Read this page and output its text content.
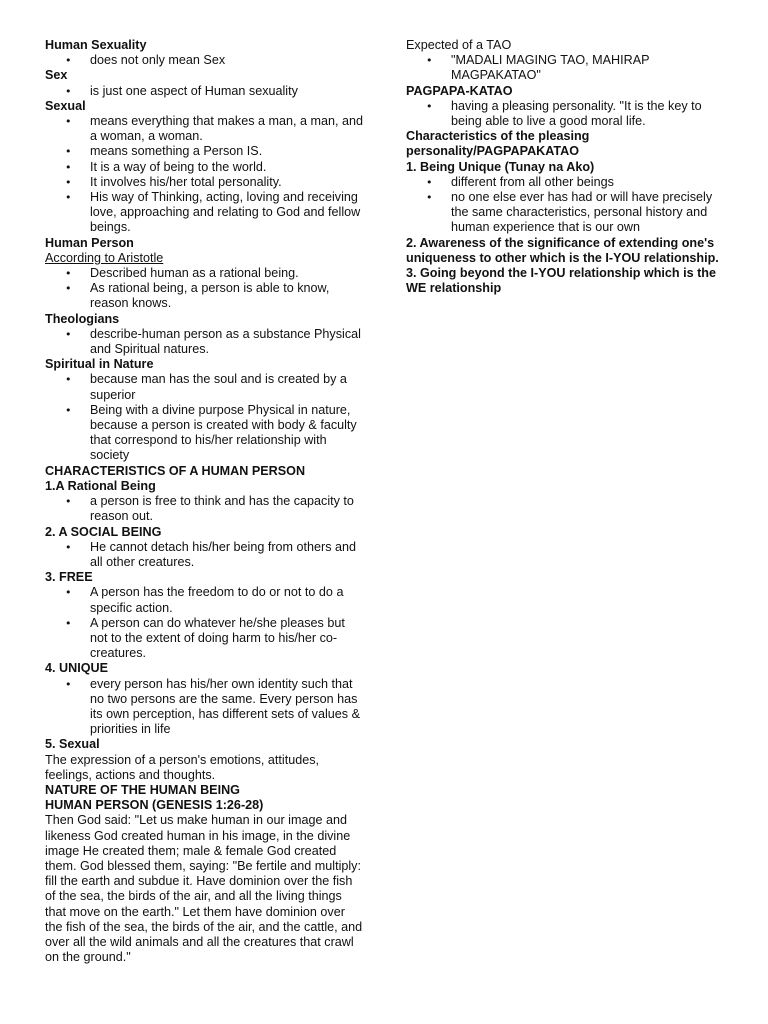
Human Sexuality
• does not only mean Sex
Sex
• is just one aspect of Human sexuality
Sexual
• means everything that makes a man, a man, and a woman, a woman.
• means something a Person IS.
• It is a way of being to the world.
• It involves his/her total personality.
• His way of Thinking, acting, loving and receiving love, approaching and relating to God and fellow beings.
Human Person
According to Aristotle
• Described human as a rational being.
• As rational being, a person is able to know, reason knows.
Theologians
• describe-human person as a substance Physical and Spiritual natures.
Spiritual in Nature
• because man has the soul and is created by a superior
• Being with a divine purpose Physical in nature, because a person is created with body & faculty that correspond to his/her relationship with society
CHARACTERISTICS OF A HUMAN PERSON
1.A Rational Being
• a person is free to think and has the capacity to reason out.
2. A SOCIAL BEING
• He cannot detach his/her being from others and all other creatures.
3. FREE
• A person has the freedom to do or not to do a specific action.
• A person can do whatever he/she pleases but not to the extent of doing harm to his/her co-creatures.
4. UNIQUE
• every person has his/her own identity such that no two persons are the same. Every person has its own perception, has different sets of values & priorities in life
5. Sexual
The expression of a person's emotions, attitudes, feelings, actions and thoughts.
NATURE OF THE HUMAN BEING
HUMAN PERSON (GENESIS 1:26-28)
Then God said: "Let us make human in our image and likeness God created human in his image, in the divine image He created them; male & female God created them. God blessed them, saying: "Be fertile and multiply: fill the earth and subdue it. Have dominion over the fish of the sea, the birds of the air, and all the living things that move on the earth." Let them have dominion over the fish of the sea, the birds of the air, and the cattle, and over all the wild animals and all the creatures that crawl on the ground."
Expected of a TAO
• "MADALI MAGING TAO, MAHIRAP MAGPAKATAO"
PAGPAPA-KATAO
• having a pleasing personality. "It is the key to being able to live a good moral life.
Characteristics of the pleasing personality/PAGPAPAKATAO
1. Being Unique (Tunay na Ako)
• different from all other beings
• no one else ever has had or will have precisely the same characteristics, personal history and human experience that is our own
2. Awareness of the significance of extending one's uniqueness to other which is the I-YOU relationship.
3. Going beyond the I-YOU relationship which is the WE relationship
